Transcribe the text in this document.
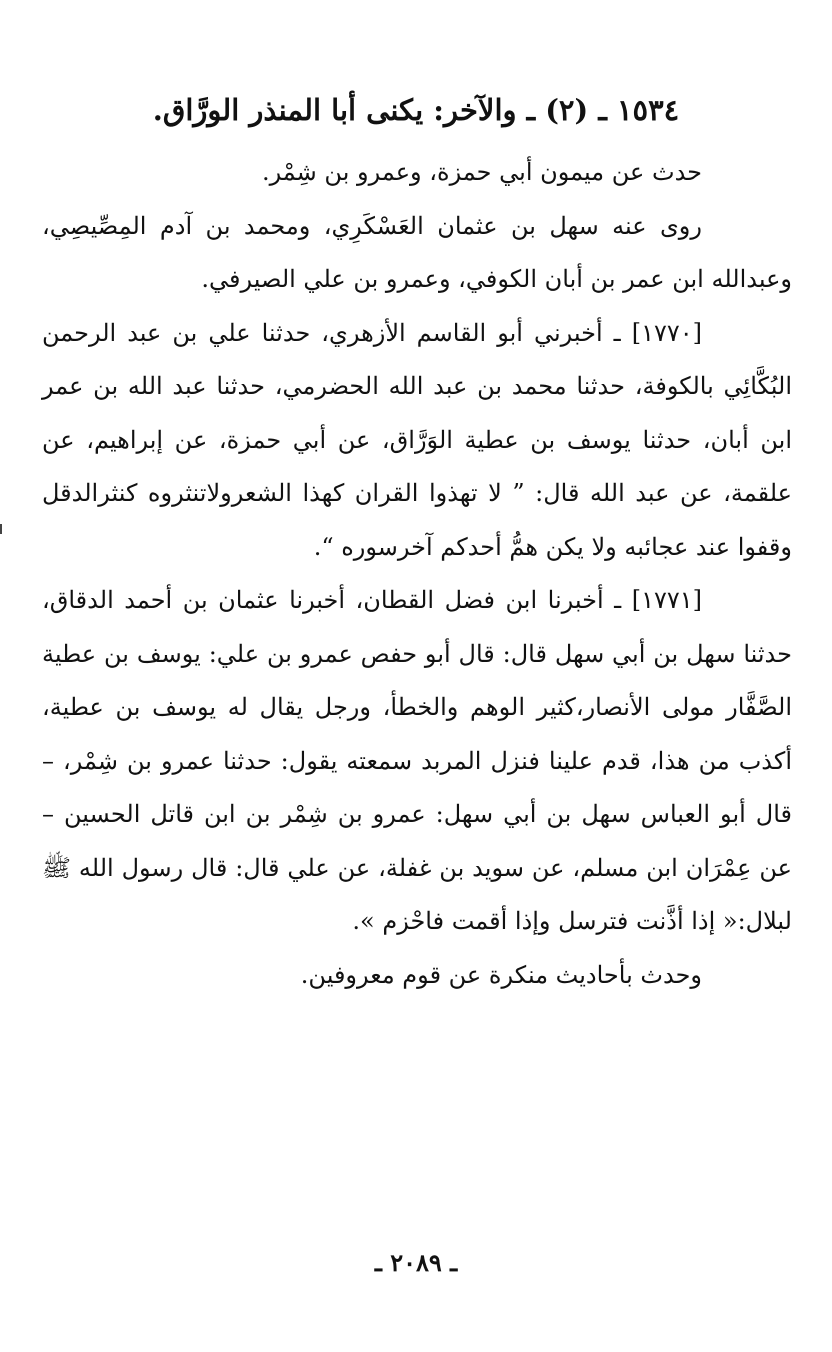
١٥٣٤ ـ (٢) ـ والآخر: يكنى أبا المنذر الورَّاق.

حدث عن ميمون أبي حمزة، وعمرو بن شِمْر.

روى عنه سهل بن عثمان العَسْكَرِي، ومحمد بن آدم المِصِّيصِي، وعبدالله ابن عمر بن أبان الكوفي، وعمرو بن علي الصيرفي.

[١٧٧٠] ـ أخبرني أبو القاسم الأزهري، حدثنا علي بن عبد الرحمن البُكَّائِي بالكوفة، حدثنا محمد بن عبد الله الحضرمي، حدثنا عبد الله بن عمر ابن أبان، حدثنا يوسف بن عطية الوَرَّاق، عن أبي حمزة، عن إبراهيم، عن علقمة، عن عبد الله قال: ” لا تهذوا القران كهذا الشعرولاتنثروه كنثرالدقل وقفوا عند عجائبه ولا يكن همُّ أحدكم آخرسوره “.

[١٧٧١] ـ أخبرنا ابن فضل القطان، أخبرنا عثمان بن أحمد الدقاق، حدثنا سهل بن أبي سهل قال: قال أبو حفص عمرو بن علي: يوسف بن عطية الصَّفَّار مولى الأنصار،كثير الوهم والخطأ، ورجل يقال له يوسف بن عطية، أكذب من هذا، قدم علينا فنزل المربد سمعته يقول: حدثنا عمرو بن شِمْر، – قال أبو العباس سهل بن أبي سهل: عمرو بن شِمْر بن ابن قاتل الحسين – عن عِمْرَان ابن مسلم، عن سويد بن غفلة، عن علي قال: قال رسول الله ﷺ لبلال:« إذا أذَّنت فترسل وإذا أقمت فاحْزم ».

وحدث بأحاديث منكرة عن قوم معروفين.

ـ ٢٠٨٩ ـ
